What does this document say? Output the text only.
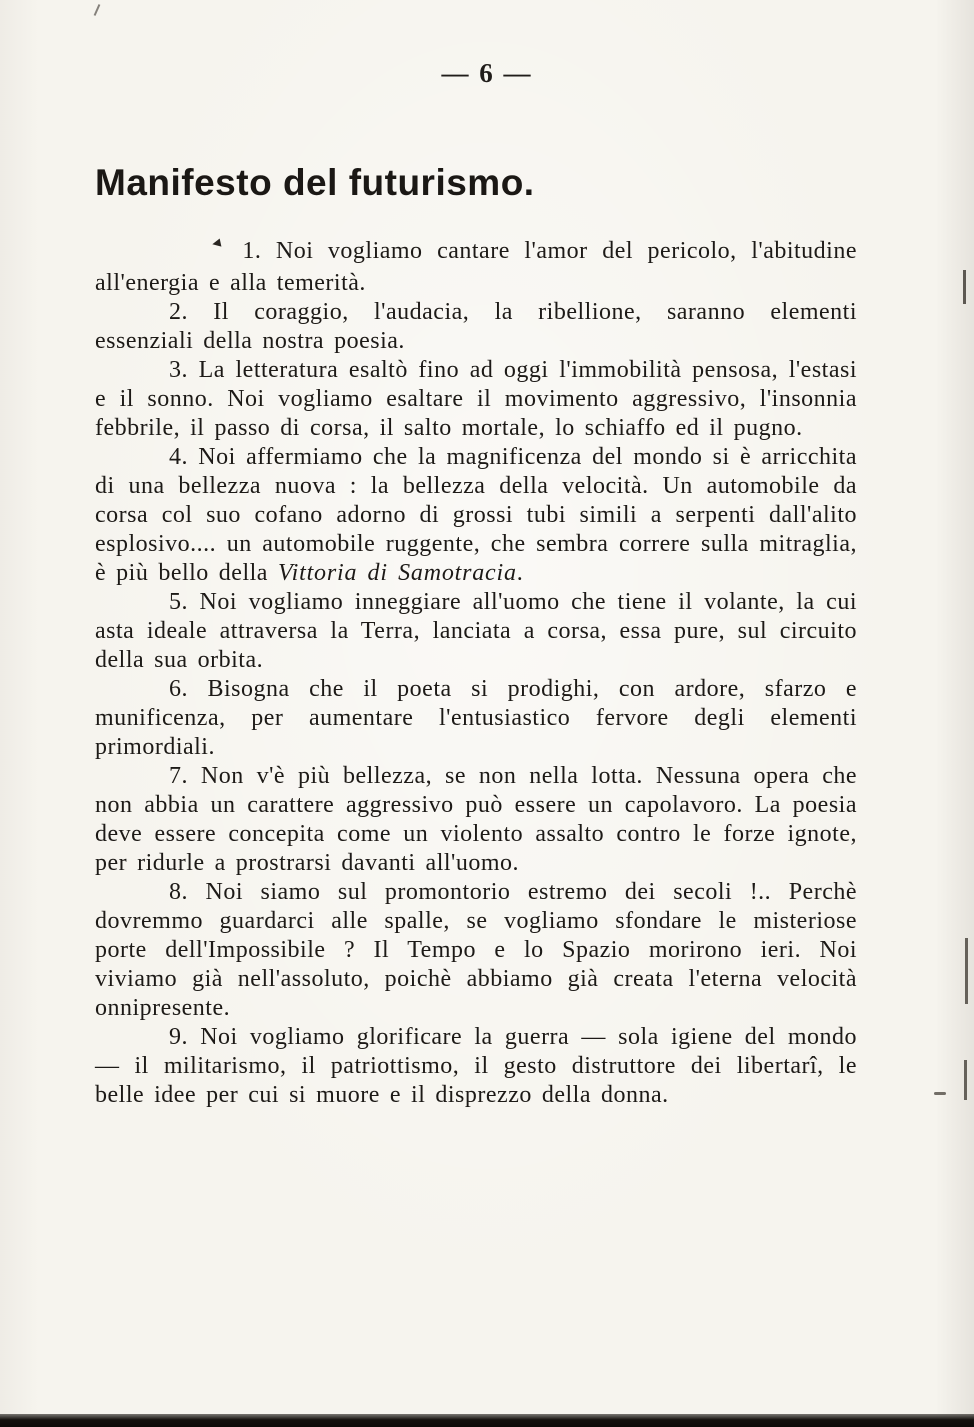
— 6 —
Manifesto del futurismo.

◄ 1. Noi vogliamo cantare l'amor del pericolo, l'abitudine all'energia e alla temerità.

2. Il coraggio, l'audacia, la ribellione, saranno elementi essenziali della nostra poesia.

3. La letteratura esaltò fino ad oggi l'immobilità pensosa, l'estasi e il sonno. Noi vogliamo esaltare il movimento aggressivo, l'insonnia febbrile, il passo di corsa, il salto mortale, lo schiaffo ed il pugno.

4. Noi affermiamo che la magnificenza del mondo si è arricchita di una bellezza nuova : la bellezza della velocità. Un automobile da corsa col suo cofano adorno di grossi tubi simili a serpenti dall'alito esplosivo.... un automobile ruggente, che sembra correre sulla mitraglia, è più bello della Vittoria di Samotracia.

5. Noi vogliamo inneggiare all'uomo che tiene il volante, la cui asta ideale attraversa la Terra, lanciata a corsa, essa pure, sul circuito della sua orbita.

6. Bisogna che il poeta si prodighi, con ardore, sfarzo e munificenza, per aumentare l'entusiastico fervore degli elementi primordiali.

7. Non v'è più bellezza, se non nella lotta. Nessuna opera che non abbia un carattere aggressivo può essere un capolavoro. La poesia deve essere concepita come un violento assalto contro le forze ignote, per ridurle a prostrarsi davanti all'uomo.

8. Noi siamo sul promontorio estremo dei secoli !.. Perchè dovremmo guardarci alle spalle, se vogliamo sfondare le misteriose porte dell'Impossibile ? Il Tempo e lo Spazio morirono ieri. Noi viviamo già nell'assoluto, poichè abbiamo già creata l'eterna velocità onnipresente.

9. Noi vogliamo glorificare la guerra — sola igiene del mondo — il militarismo, il patriottismo, il gesto distruttore dei libertarî, le belle idee per cui si muore e il disprezzo della donna.
